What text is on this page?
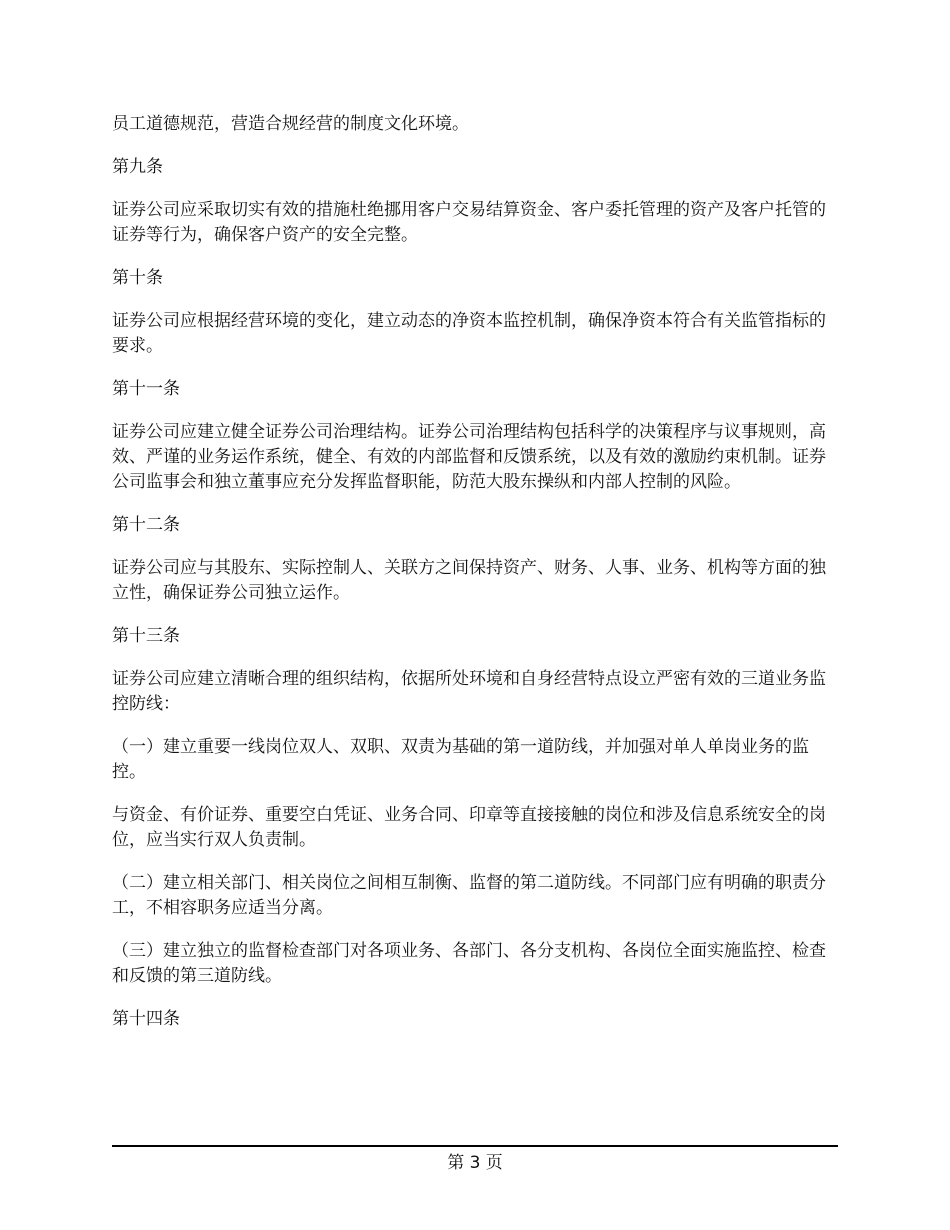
员工道德规范，营造合规经营的制度文化环境。

第九条

证券公司应采取切实有效的措施杜绝挪用客户交易结算资金、客户委托管理的资产及客户托管的证券等行为，确保客户资产的安全完整。

第十条

证券公司应根据经营环境的变化，建立动态的净资本监控机制，确保净资本符合有关监管指标的要求。

第十一条

证券公司应建立健全证券公司治理结构。证券公司治理结构包括科学的决策程序与议事规则，高效、严谨的业务运作系统，健全、有效的内部监督和反馈系统，以及有效的激励约束机制。证券公司监事会和独立董事应充分发挥监督职能，防范大股东操纵和内部人控制的风险。

第十二条

证券公司应与其股东、实际控制人、关联方之间保持资产、财务、人事、业务、机构等方面的独立性，确保证券公司独立运作。

第十三条

证券公司应建立清晰合理的组织结构，依据所处环境和自身经营特点设立严密有效的三道业务监控防线：

（一）建立重要一线岗位双人、双职、双责为基础的第一道防线，并加强对单人单岗业务的监控。

与资金、有价证券、重要空白凭证、业务合同、印章等直接接触的岗位和涉及信息系统安全的岗位，应当实行双人负责制。

（二）建立相关部门、相关岗位之间相互制衡、监督的第二道防线。不同部门应有明确的职责分工，不相容职务应适当分离。

（三）建立独立的监督检查部门对各项业务、各部门、各分支机构、各岗位全面实施监控、检查和反馈的第三道防线。

第十四条

第 3 页
